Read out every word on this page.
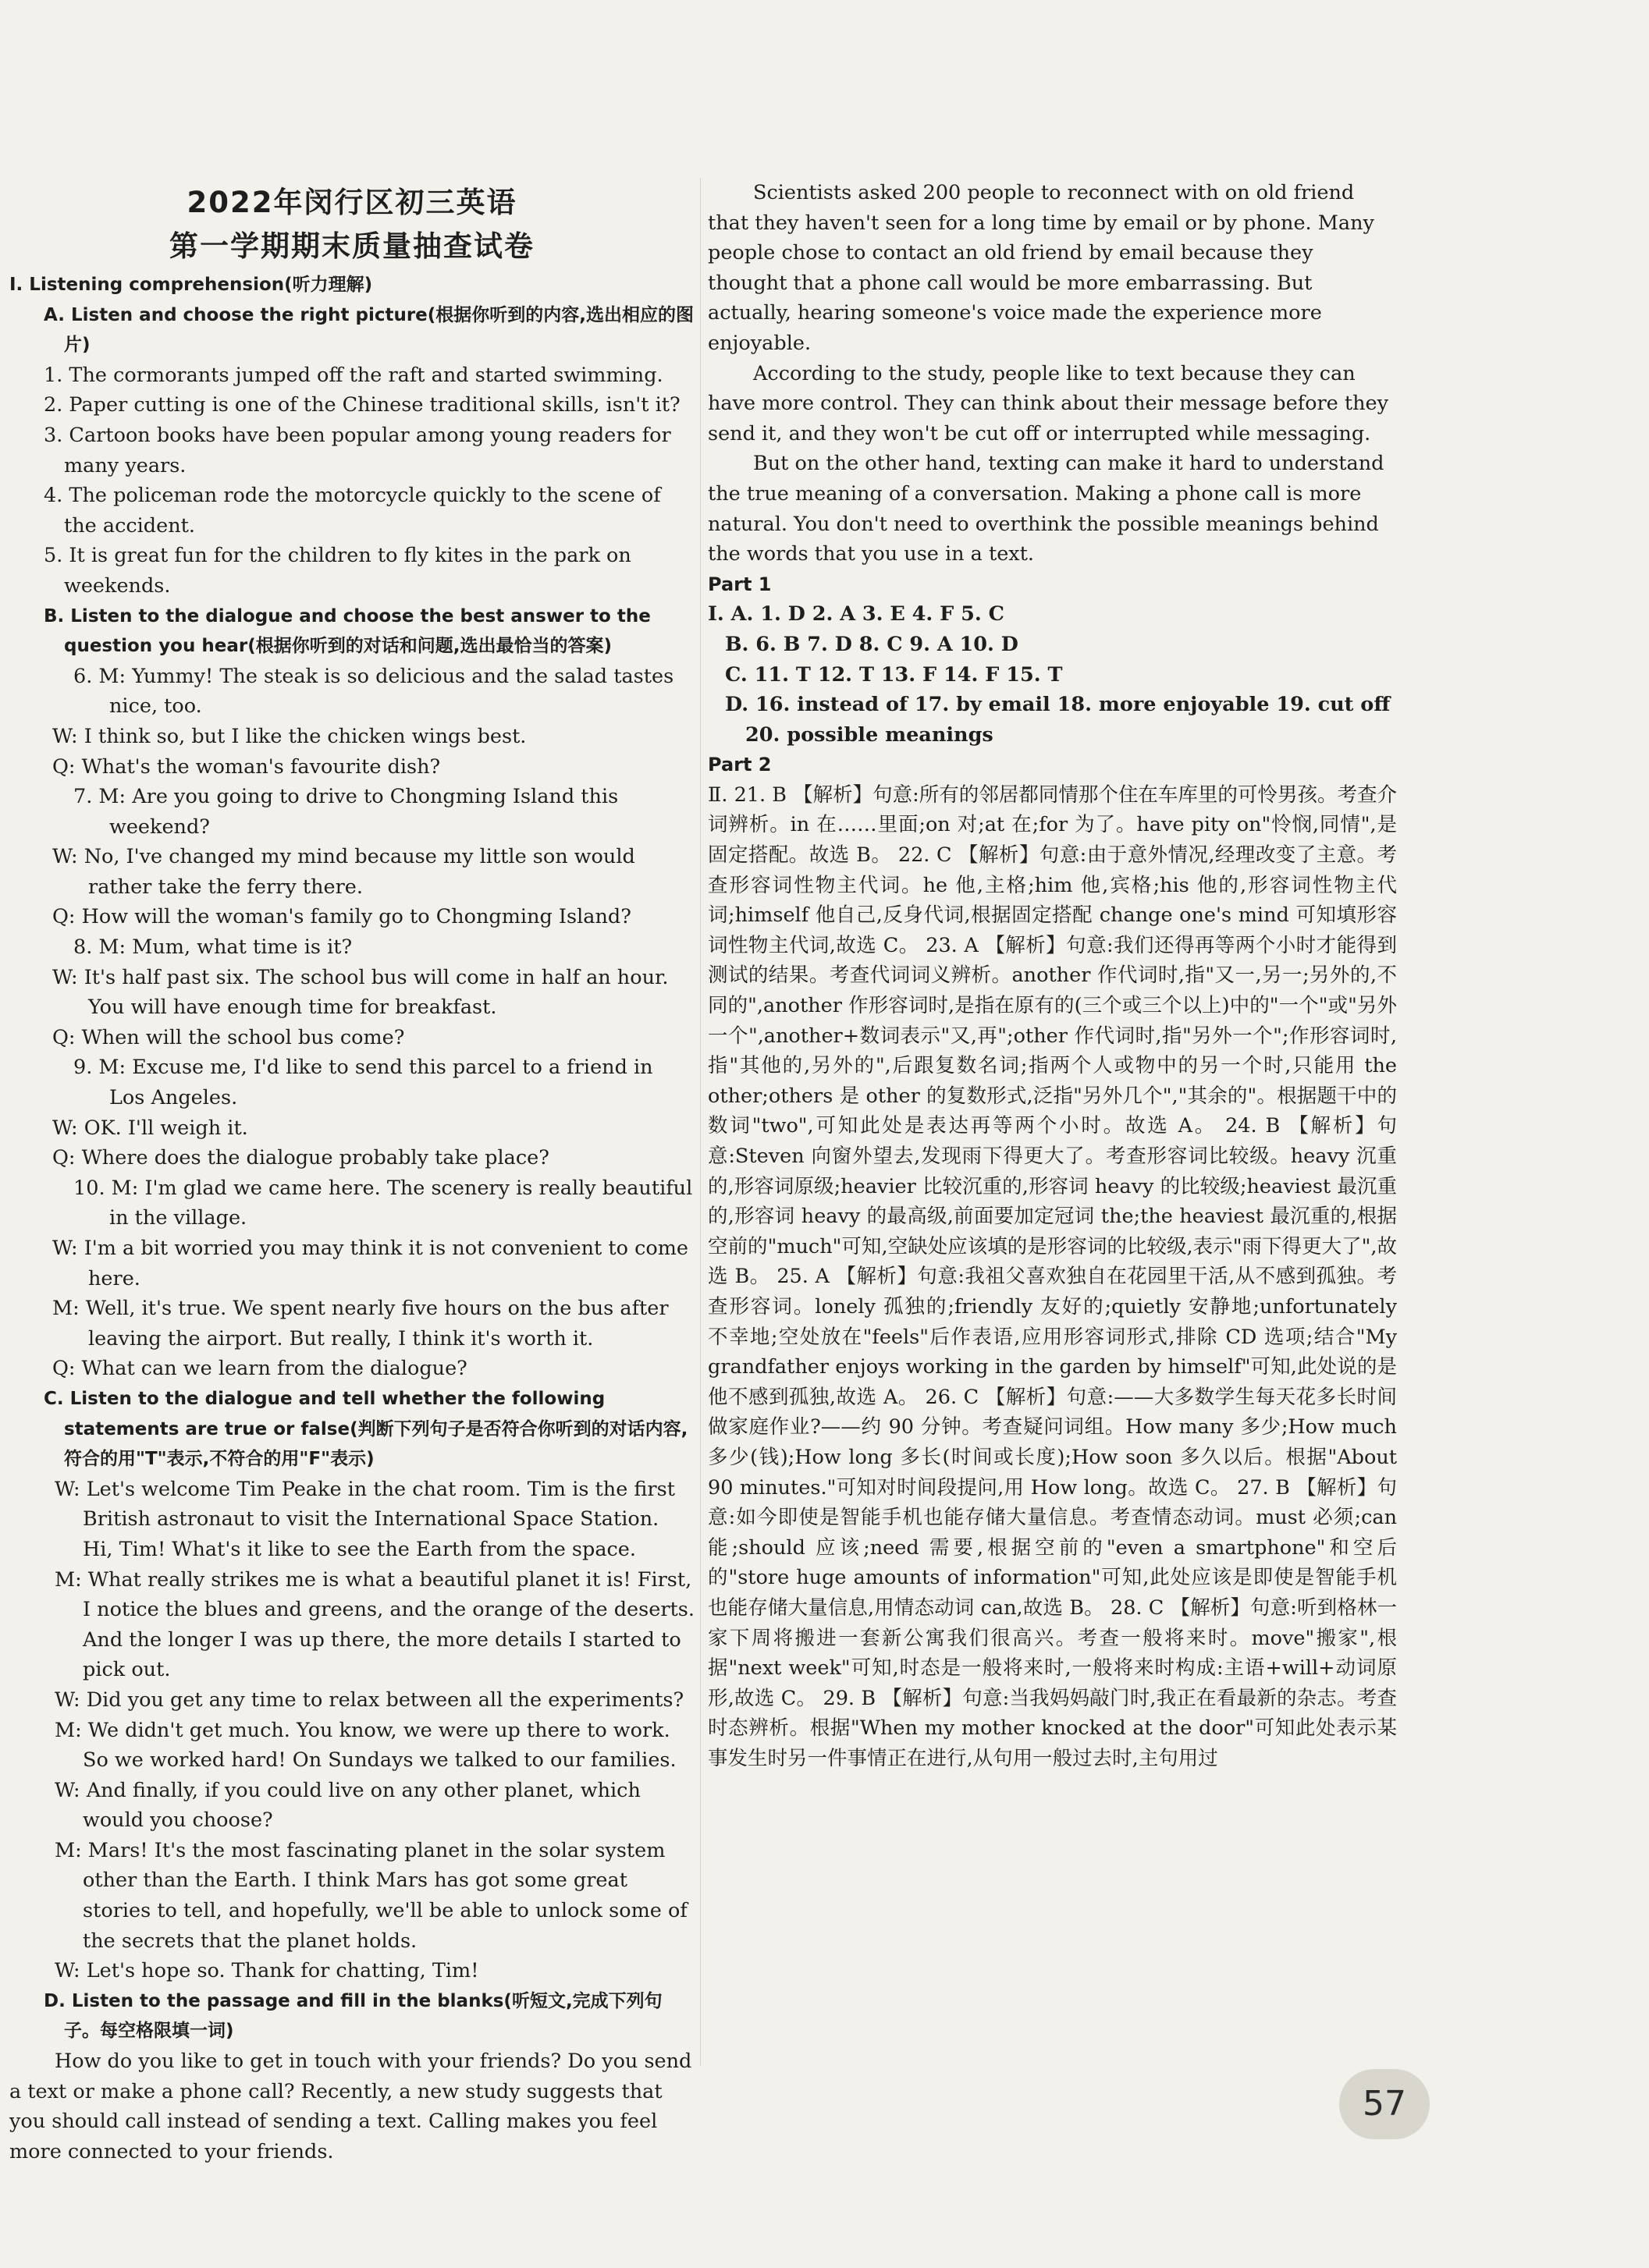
2022年闵行区初三英语
第一学期期末质量抽查试卷

Ⅰ. Listening comprehension(听力理解)

A. Listen and choose the right picture(根据你听到的内容,选出相应的图片)

1. The cormorants jumped off the raft and started swimming.

2. Paper cutting is one of the Chinese traditional skills, isn't it?

3. Cartoon books have been popular among young readers for many years.

4. The policeman rode the motorcycle quickly to the scene of the accident.

5. It is great fun for the children to fly kites in the park on weekends.

B. Listen to the dialogue and choose the best answer to the question you hear(根据你听到的对话和问题,选出最恰当的答案)

6. M: Yummy! The steak is so delicious and the salad tastes nice, too.

W: I think so, but I like the chicken wings best.

Q: What's the woman's favourite dish?

7. M: Are you going to drive to Chongming Island this weekend?

W: No, I've changed my mind because my little son would rather take the ferry there.

Q: How will the woman's family go to Chongming Island?

8. M: Mum, what time is it?

W: It's half past six. The school bus will come in half an hour. You will have enough time for breakfast.

Q: When will the school bus come?

9. M: Excuse me, I'd like to send this parcel to a friend in Los Angeles.

W: OK. I'll weigh it.

Q: Where does the dialogue probably take place?

10. M: I'm glad we came here. The scenery is really beautiful in the village.

W: I'm a bit worried you may think it is not convenient to come here.

M: Well, it's true. We spent nearly five hours on the bus after leaving the airport. But really, I think it's worth it.

Q: What can we learn from the dialogue?

C. Listen to the dialogue and tell whether the following statements are true or false(判断下列句子是否符合你听到的对话内容,符合的用"T"表示,不符合的用"F"表示)

W: Let's welcome Tim Peake in the chat room. Tim is the first British astronaut to visit the International Space Station. Hi, Tim! What's it like to see the Earth from the space.

M: What really strikes me is what a beautiful planet it is! First, I notice the blues and greens, and the orange of the deserts. And the longer I was up there, the more details I started to pick out.

W: Did you get any time to relax between all the experiments?

M: We didn't get much. You know, we were up there to work. So we worked hard! On Sundays we talked to our families.

W: And finally, if you could live on any other planet, which would you choose?

M: Mars! It's the most fascinating planet in the solar system other than the Earth. I think Mars has got some great stories to tell, and hopefully, we'll be able to unlock some of the secrets that the planet holds.

W: Let's hope so. Thank for chatting, Tim!

D. Listen to the passage and fill in the blanks(听短文,完成下列句子。每空格限填一词)

How do you like to get in touch with your friends? Do you send a text or make a phone call? Recently, a new study suggests that you should call instead of sending a text. Calling makes you feel more connected to your friends.

Scientists asked 200 people to reconnect with on old friend that they haven't seen for a long time by email or by phone. Many people chose to contact an old friend by email because they thought that a phone call would be more embarrassing. But actually, hearing someone's voice made the experience more enjoyable.

According to the study, people like to text because they can have more control. They can think about their message before they send it, and they won't be cut off or interrupted while messaging.

But on the other hand, texting can make it hard to understand the true meaning of a conversation. Making a phone call is more natural. You don't need to overthink the possible meanings behind the words that you use in a text.

Part 1

Ⅰ. A. 1. D 2. A 3. E 4. F 5. C

B. 6. B 7. D 8. C 9. A 10. D

C. 11. T 12. T 13. F 14. F 15. T

D. 16. instead of 17. by email 18. more enjoyable 19. cut off

20. possible meanings

Part 2

Ⅱ. 21. B 【解析】句意:所有的邻居都同情那个住在车库里的可怜男孩。考查介词辨析。in 在……里面;on 对;at 在;for 为了。have pity on"怜悯,同情",是固定搭配。故选 B。 22. C 【解析】句意:由于意外情况,经理改变了主意。考查形容词性物主代词。he 他,主格;him 他,宾格;his 他的,形容词性物主代词;himself 他自己,反身代词,根据固定搭配 change one's mind 可知填形容词性物主代词,故选 C。 23. A 【解析】句意:我们还得再等两个小时才能得到测试的结果。考查代词词义辨析。another 作代词时,指"又一,另一;另外的,不同的",another 作形容词时,是指在原有的(三个或三个以上)中的"一个"或"另外一个",another+数词表示"又,再";other 作代词时,指"另外一个";作形容词时,指"其他的,另外的",后跟复数名词;指两个人或物中的另一个时,只能用 the other;others 是 other 的复数形式,泛指"另外几个","其余的"。根据题干中的数词"two",可知此处是表达再等两个小时。故选 A。 24. B 【解析】句意:Steven 向窗外望去,发现雨下得更大了。考查形容词比较级。heavy 沉重的,形容词原级;heavier 比较沉重的,形容词 heavy 的比较级;heaviest 最沉重的,形容词 heavy 的最高级,前面要加定冠词 the;the heaviest 最沉重的,根据空前的"much"可知,空缺处应该填的是形容词的比较级,表示"雨下得更大了",故选 B。 25. A 【解析】句意:我祖父喜欢独自在花园里干活,从不感到孤独。考查形容词。lonely 孤独的;friendly 友好的;quietly 安静地;unfortunately 不幸地;空处放在"feels"后作表语,应用形容词形式,排除 CD 选项;结合"My grandfather enjoys working in the garden by himself"可知,此处说的是他不感到孤独,故选 A。 26. C 【解析】句意:——大多数学生每天花多长时间做家庭作业?——约 90 分钟。考查疑问词组。How many 多少;How much 多少(钱);How long 多长(时间或长度);How soon 多久以后。根据"About 90 minutes."可知对时间段提问,用 How long。故选 C。 27. B 【解析】句意:如今即使是智能手机也能存储大量信息。考查情态动词。must 必须;can 能;should 应该;need 需要,根据空前的"even a smartphone"和空后的"store huge amounts of information"可知,此处应该是即使是智能手机也能存储大量信息,用情态动词 can,故选 B。 28. C 【解析】句意:听到格林一家下周将搬进一套新公寓我们很高兴。考查一般将来时。move"搬家",根据"next week"可知,时态是一般将来时,一般将来时构成:主语+will+动词原形,故选 C。 29. B 【解析】句意:当我妈妈敲门时,我正在看最新的杂志。考查时态辨析。根据"When my mother knocked at the door"可知此处表示某事发生时另一件事情正在进行,从句用一般过去时,主句用过

57
